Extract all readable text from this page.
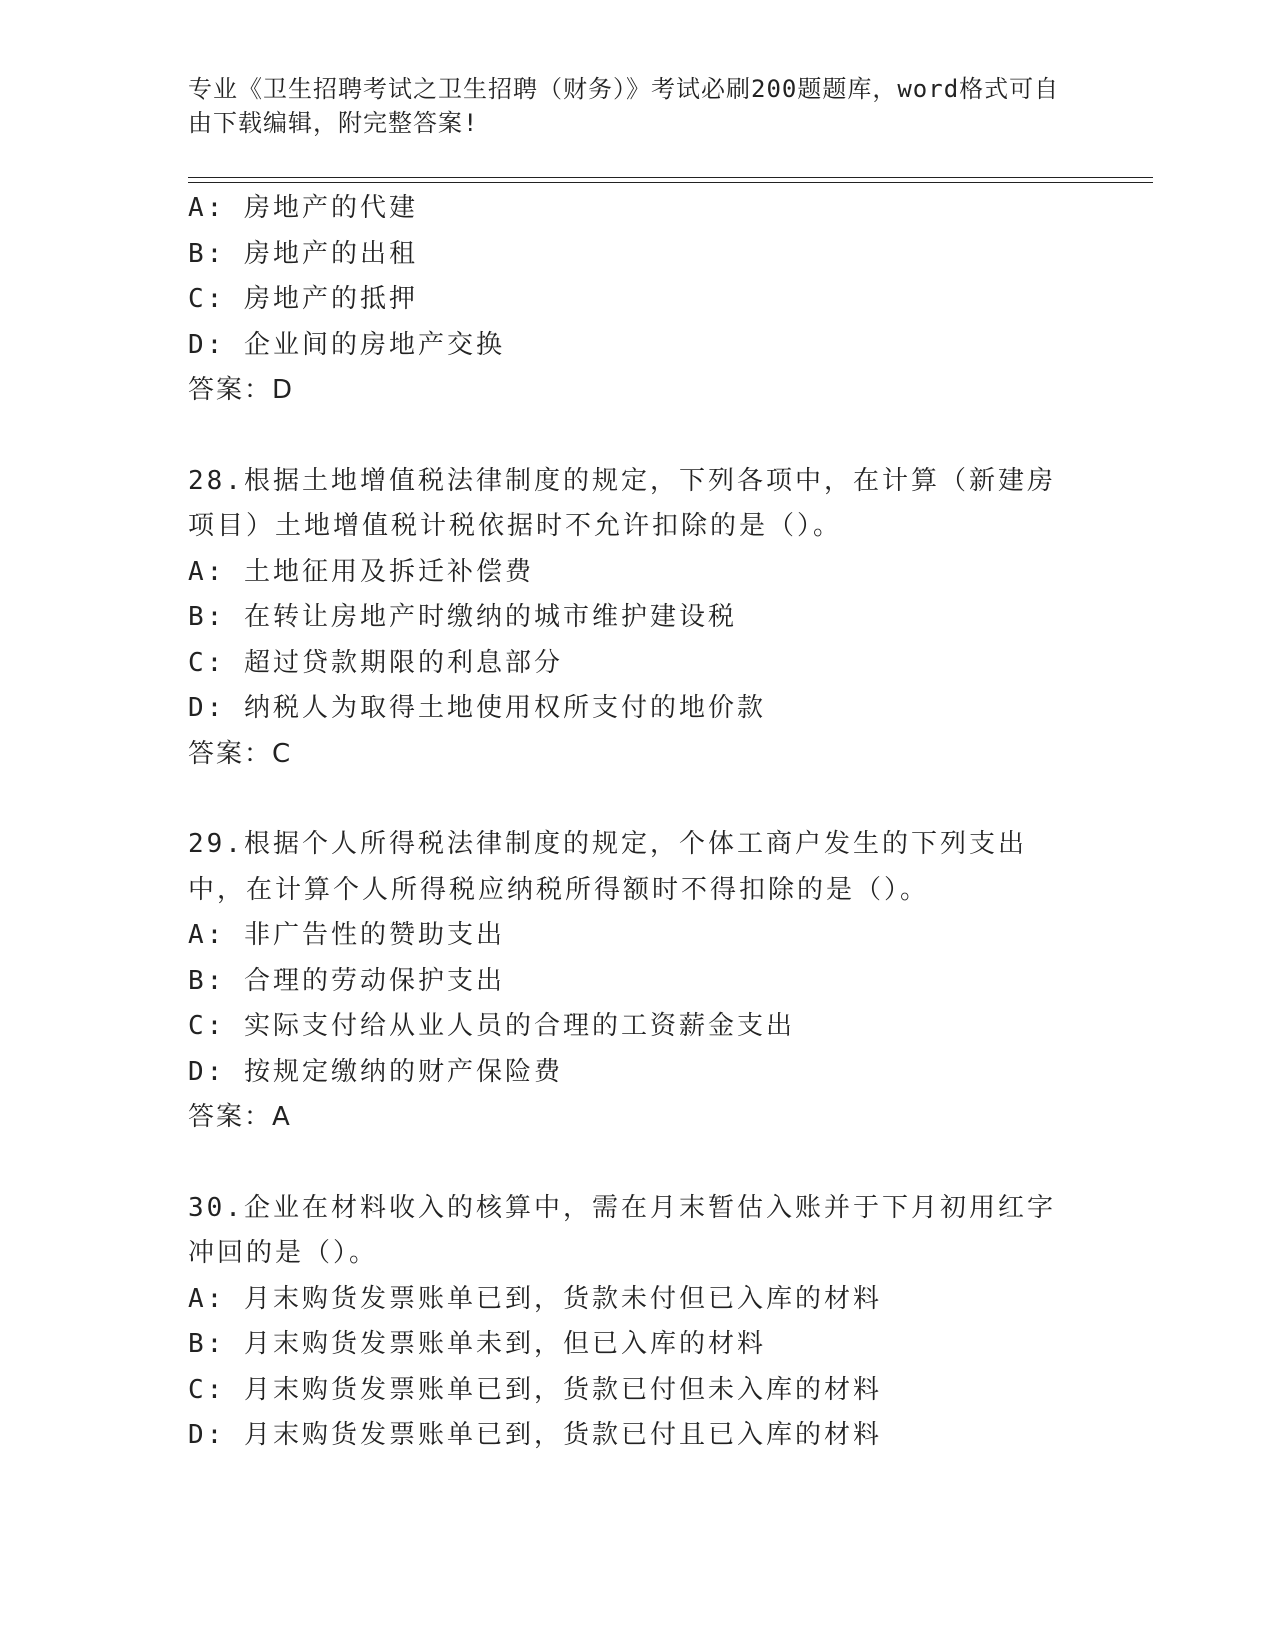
专业《卫生招聘考试之卫生招聘（财务）》考试必刷200题题库，word格式可自由下载编辑，附完整答案!
A: 房地产的代建
B: 房地产的出租
C: 房地产的抵押
D: 企业间的房地产交换
答案：D
28.根据土地增值税法律制度的规定，下列各项中，在计算（新建房项目）土地增值税计税依据时不允许扣除的是（）。
A: 土地征用及拆迁补偿费
B: 在转让房地产时缴纳的城市维护建设税
C: 超过贷款期限的利息部分
D: 纳税人为取得土地使用权所支付的地价款
答案：C
29.根据个人所得税法律制度的规定，个体工商户发生的下列支出中，在计算个人所得税应纳税所得额时不得扣除的是（）。
A: 非广告性的赞助支出
B: 合理的劳动保护支出
C: 实际支付给从业人员的合理的工资薪金支出
D: 按规定缴纳的财产保险费
答案：A
30.企业在材料收入的核算中，需在月末暂估入账并于下月初用红字冲回的是（）。
A: 月末购货发票账单已到，货款未付但已入库的材料
B: 月末购货发票账单未到，但已入库的材料
C: 月末购货发票账单已到，货款已付但未入库的材料
D: 月末购货发票账单已到，货款已付且已入库的材料
